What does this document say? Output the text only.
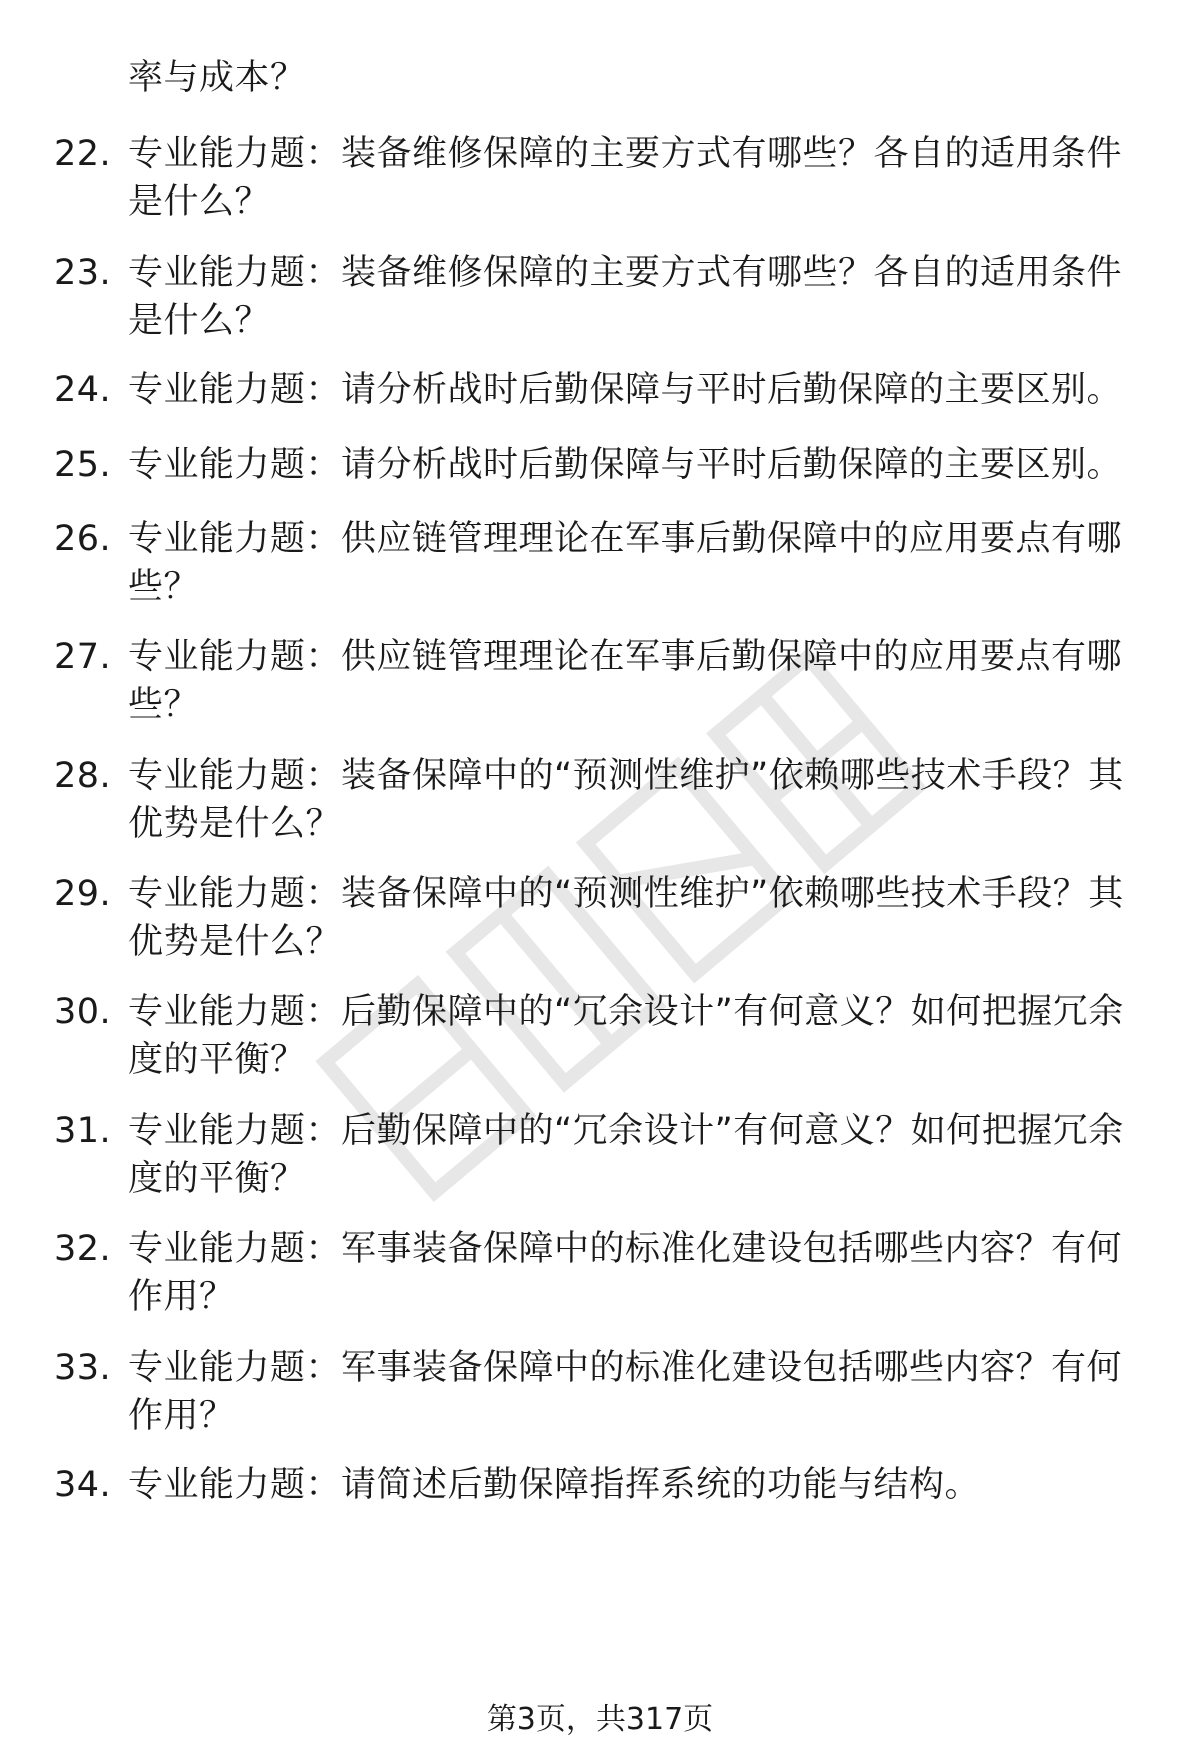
率与成本？
22. 专业能力题：装备维修保障的主要方式有哪些？各自的适用条件是什么？
23. 专业能力题：装备维修保障的主要方式有哪些？各自的适用条件是什么？
24. 专业能力题：请分析战时后勤保障与平时后勤保障的主要区别。
25. 专业能力题：请分析战时后勤保障与平时后勤保障的主要区别。
26. 专业能力题：供应链管理理论在军事后勤保障中的应用要点有哪些？
27. 专业能力题：供应链管理理论在军事后勤保障中的应用要点有哪些？
28. 专业能力题：装备保障中的“预测性维护”依赖哪些技术手段？其优势是什么？
29. 专业能力题：装备保障中的“预测性维护”依赖哪些技术手段？其优势是什么？
30. 专业能力题：后勤保障中的“冗余设计”有何意义？如何把握冗余度的平衡？
31. 专业能力题：后勤保障中的“冗余设计”有何意义？如何把握冗余度的平衡？
32. 专业能力题：军事装备保障中的标准化建设包括哪些内容？有何作用？
33. 专业能力题：军事装备保障中的标准化建设包括哪些内容？有何作用？
34. 专业能力题：请简述后勤保障指挥系统的功能与结构。
第3页，共317页
